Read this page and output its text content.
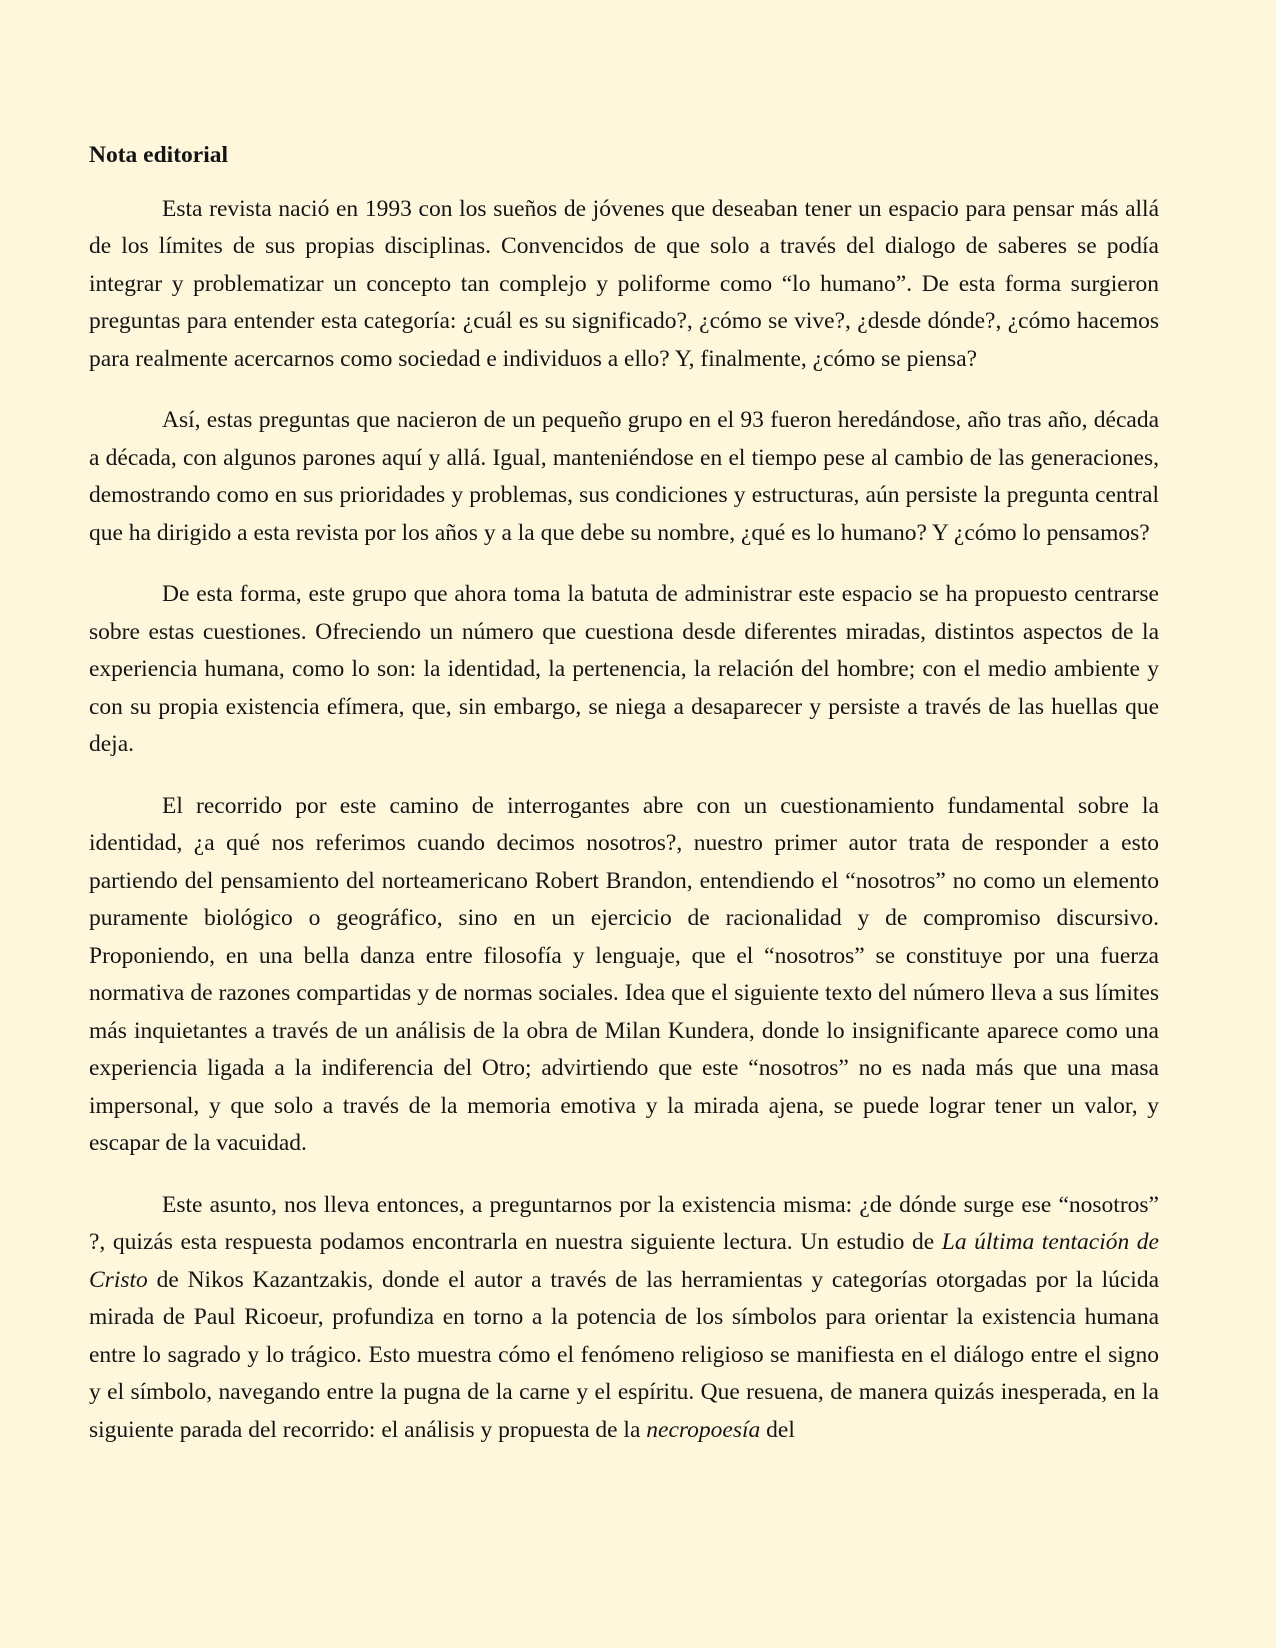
Nota editorial

Esta revista nació en 1993 con los sueños de jóvenes que deseaban tener un espacio para pensar más allá de los límites de sus propias disciplinas. Convencidos de que solo a través del dialogo de saberes se podía integrar y problematizar un concepto tan complejo y poliforme como “lo humano”. De esta forma surgieron preguntas para entender esta categoría: ¿cuál es su significado?, ¿cómo se vive?, ¿desde dónde?, ¿cómo hacemos para realmente acercarnos como sociedad e individuos a ello? Y, finalmente, ¿cómo se piensa?

Así, estas preguntas que nacieron de un pequeño grupo en el 93 fueron heredándose, año tras año, década a década, con algunos parones aquí y allá. Igual, manteniéndose en el tiempo pese al cambio de las generaciones, demostrando como en sus prioridades y problemas, sus condiciones y estructuras, aún persiste la pregunta central que ha dirigido a esta revista por los años y a la que debe su nombre, ¿qué es lo humano? Y ¿cómo lo pensamos?

De esta forma, este grupo que ahora toma la batuta de administrar este espacio se ha propuesto centrarse sobre estas cuestiones. Ofreciendo un número que cuestiona desde diferentes miradas, distintos aspectos de la experiencia humana, como lo son: la identidad, la pertenencia, la relación del hombre; con el medio ambiente y con su propia existencia efímera, que, sin embargo, se niega a desaparecer y persiste a través de las huellas que deja.

El recorrido por este camino de interrogantes abre con un cuestionamiento fundamental sobre la identidad, ¿a qué nos referimos cuando decimos nosotros?, nuestro primer autor trata de responder a esto partiendo del pensamiento del norteamericano Robert Brandon, entendiendo el “nosotros” no como un elemento puramente biológico o geográfico, sino en un ejercicio de racionalidad y de compromiso discursivo. Proponiendo, en una bella danza entre filosofía y lenguaje, que el “nosotros” se constituye por una fuerza normativa de razones compartidas y de normas sociales. Idea que el siguiente texto del número lleva a sus límites más inquietantes a través de un análisis de la obra de Milan Kundera, donde lo insignificante aparece como una experiencia ligada a la indiferencia del Otro; advirtiendo que este “nosotros” no es nada más que una masa impersonal, y que solo a través de la memoria emotiva y la mirada ajena, se puede lograr tener un valor, y escapar de la vacuidad.

Este asunto, nos lleva entonces, a preguntarnos por la existencia misma: ¿de dónde surge ese “nosotros” ?, quizás esta respuesta podamos encontrarla en nuestra siguiente lectura. Un estudio de La última tentación de Cristo de Nikos Kazantzakis, donde el autor a través de las herramientas y categorías otorgadas por la lúcida mirada de Paul Ricoeur, profundiza en torno a la potencia de los símbolos para orientar la existencia humana entre lo sagrado y lo trágico. Esto muestra cómo el fenómeno religioso se manifiesta en el diálogo entre el signo y el símbolo, navegando entre la pugna de la carne y el espíritu. Que resuena, de manera quizás inesperada, en la siguiente parada del recorrido: el análisis y propuesta de la necropoesía del
